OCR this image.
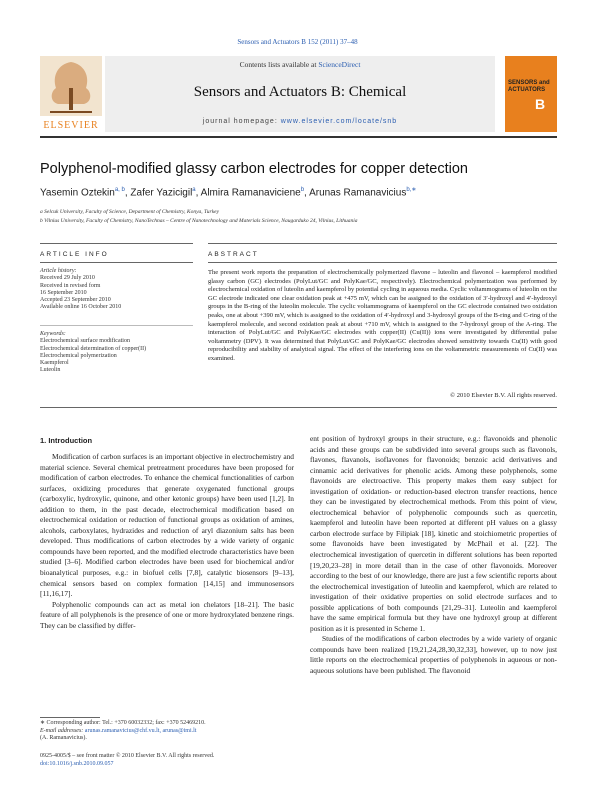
Sensors and Actuators B 152 (2011) 37–48
ELSEVIER
Contents lists available at ScienceDirect
Sensors and Actuators B: Chemical
journal homepage: www.elsevier.com/locate/snb
SENSORS and ACTUATORS
B
Polyphenol-modified glassy carbon electrodes for copper detection
Yasemin Oztekin$^{a, b}$, Zafer Yazicigil$^a$, Almira Ramanaviciene$^b$, Arunas Ramanavicius$^{b,∗}$
a Selcuk University, Faculty of Science, Department of Chemistry, Konya, Turkey
b Vilnius University, Faculty of Chemistry, NanoTechnas – Centre of Nanotechnology and Materials Science, Naugarduko 24, Vilnius, Lithuania
ARTICLE INFO	ABSTRACT
Article history:
Received 29 July 2010
Received in revised form
16 September 2010
Accepted 23 September 2010
Available online 16 October 2010
Keywords:
Electrochemical surface modification
Electrochemical determination of copper(II)
Electrochemical polymerization
Kaempferol
Luteolin
The present work reports the preparation of electrochemically polymerized flavone – luteolin and flavonol – kaempferol modified glassy carbon (GC) electrodes (PolyLut/GC and PolyKae/GC, respectively). Electrochemical polymerization was performed by electrochemical oxidation of luteolin and kaempferol by potential cycling in aqueous media. Cyclic voltammograms of luteolin on the GC electrode indicated one clear oxidation peak at +475 mV, which can be assigned to the oxidation of 3′-hydroxyl and 4′-hydroxyl groups in the B-ring of the luteolin molecule. The cyclic voltammograms of kaempferol on the GC electrode contained two oxidation peaks, one at about +390 mV, which is assigned to the oxidation of 4′-hydroxyl and 3-hydroxyl groups of the B-ring and C-ring of the kaempferol molecule, and second oxidation peak at about +710 mV, which is assigned to the 7-hydroxyl group of the A-ring. The interaction of PolyLut/GC and PolyKae/GC electrodes with copper(II) (Cu(II)) ions were investigated by differential pulse voltammetry (DPV). It was determined that PolyLut/GC and PolyKae/GC electrodes showed sensitivity towards Cu(II) with good reproducibility and stability of analytical signal. The effect of the interfering ions on the voltammetric measurements of Cu(II) was examined.
© 2010 Elsevier B.V. All rights reserved.
1. Introduction

Modification of carbon surfaces is an important objective in electrochemistry and material science. Several chemical pretreatment procedures have been proposed for modification of carbon electrodes. To enhance the chemical functionalities of carbon surfaces, oxidizing procedures that generate oxygenated functional groups (carboxylic, hydroxylic, quinone, and other ketonic groups) have been used [1,2]. In addition to them, in the past decade, electrochemical modification based on electrochemical oxidation or reduction of functional groups as oxidation of amines, alcohols, carboxylates, hydrazides and reduction of aryl diazonium salts has been developed. Thus modifications of carbon electrodes by a wide variety of organic compounds have been reported, and the modified electrode characteristics have been studied [3–6]. Modified carbon electrodes have been used for biochemical and/or bioanalytical purposes, e.g.: in biofuel cells [7,8], catalytic biosensors [9–13], chemical sensors based on complex formation [14,15] and immunosensors [11,16,17].

Polyphenolic compounds can act as metal ion chelators [18–21]. The basic feature of all polyphenols is the presence of one or more hydroxylated benzene rings. They can be classified by differ-

ent position of hydroxyl groups in their structure, e.g.: flavonoids and phenolic acids and these groups can be subdivided into several groups such as flavonols, flavones, flavanols, isoflavones for flavonoids; benzoic acid derivatives and cinnamic acid derivatives for phenolic acids. Among these polyphenols, some flavonoids are electroactive. This property makes them easy subject for investigation of oxidation- or reduction-based electron transfer reactions, hence they can be investigated by electrochemical methods. From this point of view, electrochemical behavior of polyphenolic compounds such as quercetin, kaempferol and luteolin have been reported at different pH values on a glassy carbon electrode surface by Filipiak [18], kinetic and stoichiometric properties of some flavonoids have been investigated by McPhail et al. [22]. The electrochemical investigation of quercetin in different solutions has been reported [19,20,23–28] in more detail than in the case of other flavonoids. Moreover according to the best of our knowledge, there are just a few scientific reports about the electrochemical investigation of luteolin and kaempferol, which are related to investigation of their oxidative properties on solid electrode surfaces and to possible applications of both compounds [21,29–31]. Luteolin and kaempferol have the same empirical formula but they have one hydroxyl group at different position as it is presented in Scheme 1.

Studies of the modifications of carbon electrodes by a wide variety of organic compounds have been realized [19,21,24,28,30,32,33], however, up to now just little reports on the electrochemical properties of polyphenols in aqueous or non-aqueous solutions have been published. The flavonoid

∗ Corresponding author: Tel.: +370 60032332; fax: +370 52469210.
E-mail addresses: arunas.ramanavicius@chf.vu.lt, arunas@imi.lt
(A. Ramanavicius).
0925-4005/$ – see front matter © 2010 Elsevier B.V. All rights reserved.
doi:10.1016/j.snb.2010.09.057
